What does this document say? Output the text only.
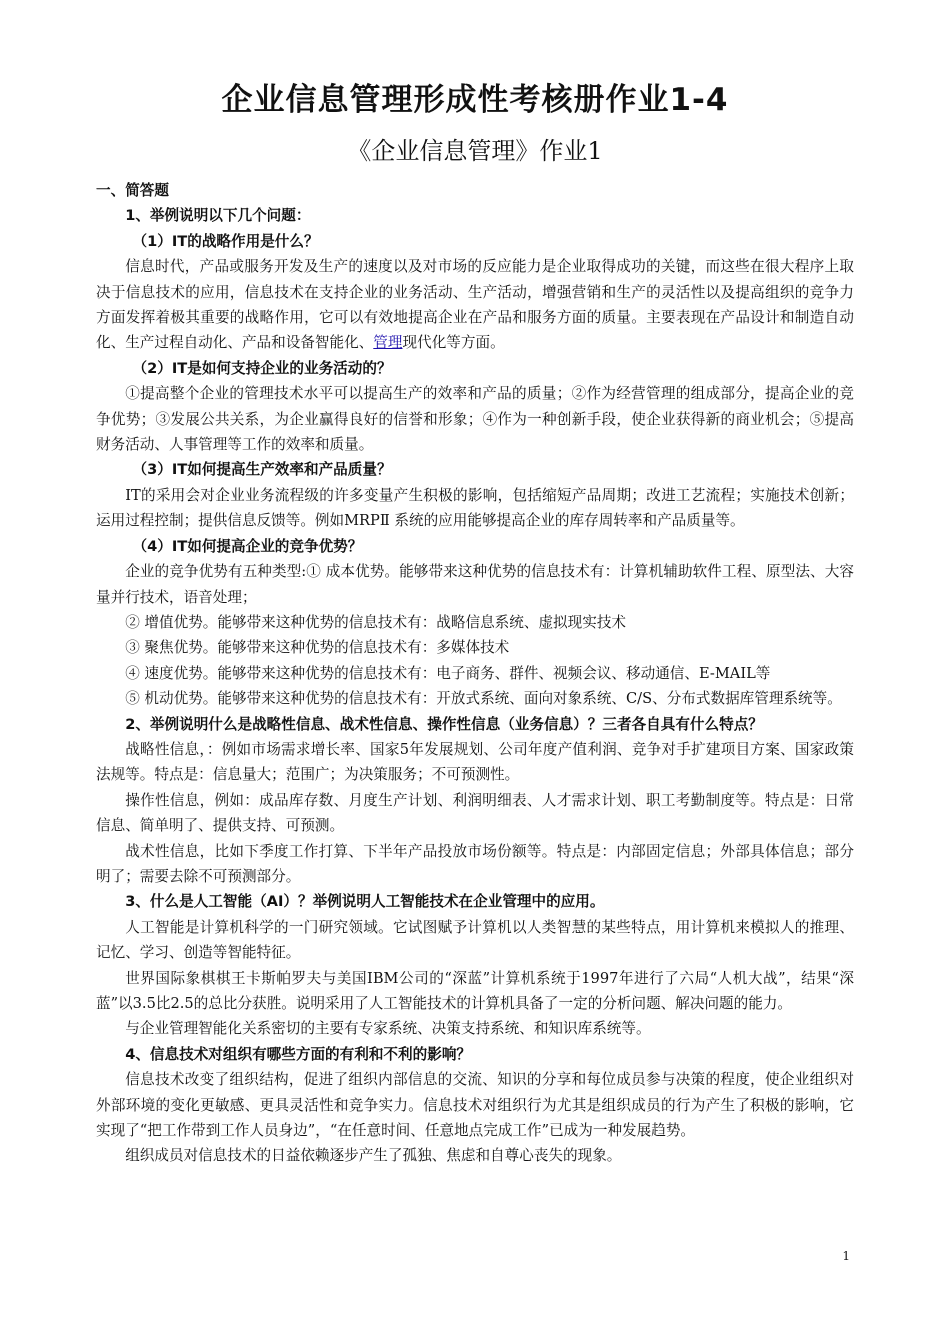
企业信息管理形成性考核册作业1-4
《企业信息管理》作业1

一、简答题

1、举例说明以下几个问题：

（1）IT的战略作用是什么？

信息时代，产品或服务开发及生产的速度以及对市场的反应能力是企业取得成功的关键，而这些在很大程序上取决于信息技术的应用，信息技术在支持企业的业务活动、生产活动，增强营销和生产的灵活性以及提高组织的竞争力方面发挥着极其重要的战略作用，它可以有效地提高企业在产品和服务方面的质量。主要表现在产品设计和制造自动化、生产过程自动化、产品和设备智能化、管理现代化等方面。

（2）IT是如何支持企业的业务活动的？

①提高整个企业的管理技术水平可以提高生产的效率和产品的质量；②作为经营管理的组成部分，提高企业的竞争优势；③发展公共关系，为企业赢得良好的信誉和形象；④作为一种创新手段，使企业获得新的商业机会；⑤提高财务活动、人事管理等工作的效率和质量。

（3）IT如何提高生产效率和产品质量？

IT的采用会对企业业务流程级的许多变量产生积极的影响，包括缩短产品周期；改进工艺流程；实施技术创新；运用过程控制；提供信息反馈等。例如MRPⅡ 系统的应用能够提高企业的库存周转率和产品质量等。

（4）IT如何提高企业的竞争优势？

企业的竞争优势有五种类型:① 成本优势。能够带来这种优势的信息技术有：计算机辅助软件工程、原型法、大容量并行技术，语音处理；

② 增值优势。能够带来这种优势的信息技术有：战略信息系统、虚拟现实技术

③ 聚焦优势。能够带来这种优势的信息技术有：多媒体技术

④ 速度优势。能够带来这种优势的信息技术有：电子商务、群件、视频会议、移动通信、E-MAIL等

⑤ 机动优势。能够带来这种优势的信息技术有：开放式系统、面向对象系统、C/S、分布式数据库管理系统等。

2、举例说明什么是战略性信息、战术性信息、操作性信息（业务信息）？三者各自具有什么特点？

战略性信息，：例如市场需求增长率、国家5年发展规划、公司年度产值利润、竞争对手扩建项目方案、国家政策法规等。特点是：信息量大；范围广；为决策服务；不可预测性。

操作性信息，例如：成品库存数、月度生产计划、利润明细表、人才需求计划、职工考勤制度等。特点是：日常信息、简单明了、提供支持、可预测。

战术性信息，比如下季度工作打算、下半年产品投放市场份额等。特点是：内部固定信息；外部具体信息；部分明了；需要去除不可预测部分。

3、什么是人工智能（AI）？举例说明人工智能技术在企业管理中的应用。

人工智能是计算机科学的一门研究领域。它试图赋予计算机以人类智慧的某些特点，用计算机来模拟人的推理、记忆、学习、创造等智能特征。

世界国际象棋棋王卡斯帕罗夫与美国IBM公司的“深蓝”计算机系统于1997年进行了六局“人机大战”，结果“深蓝”以3.5比2.5的总比分获胜。说明采用了人工智能技术的计算机具备了一定的分析问题、解决问题的能力。

与企业管理智能化关系密切的主要有专家系统、决策支持系统、和知识库系统等。

4、信息技术对组织有哪些方面的有利和不利的影响？

信息技术改变了组织结构，促进了组织内部信息的交流、知识的分享和每位成员参与决策的程度，使企业组织对外部环境的变化更敏感、更具灵活性和竞争实力。信息技术对组织行为尤其是组织成员的行为产生了积极的影响，它实现了“把工作带到工作人员身边”，“在任意时间、任意地点完成工作”已成为一种发展趋势。

组织成员对信息技术的日益依赖逐步产生了孤独、焦虑和自尊心丧失的现象。

1
